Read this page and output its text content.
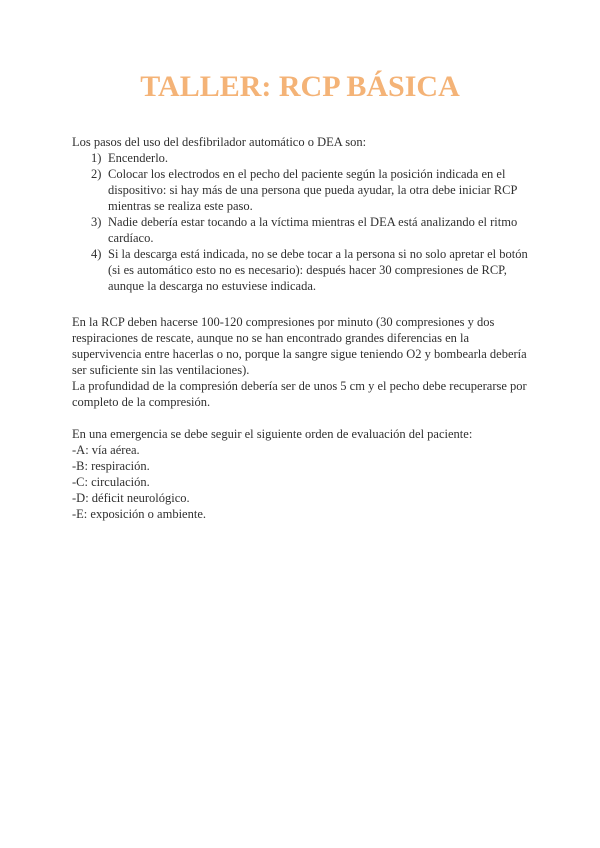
TALLER: RCP BÁSICA

Los pasos del uso del desfibrilador automático o DEA son:

1) Encenderlo.
2) Colocar los electrodos en el pecho del paciente según la posición indicada en el dispositivo: si hay más de una persona que pueda ayudar, la otra debe iniciar RCP mientras se realiza este paso.
3) Nadie debería estar tocando a la víctima mientras el DEA está analizando el ritmo cardíaco.
4) Si la descarga está indicada, no se debe tocar a la persona si no solo apretar el botón (si es automático esto no es necesario): después hacer 30 compresiones de RCP, aunque la descarga no estuviese indicada.

En la RCP deben hacerse 100-120 compresiones por minuto (30 compresiones y dos respiraciones de rescate, aunque no se han encontrado grandes diferencias en la supervivencia entre hacerlas o no, porque la sangre sigue teniendo O2 y bombearla debería ser suficiente sin las ventilaciones).

La profundidad de la compresión debería ser de unos 5 cm y el pecho debe recuperarse por completo de la compresión.

En una emergencia se debe seguir el siguiente orden de evaluación del paciente:

-A: vía aérea.

-B: respiración.

-C: circulación.

-D: déficit neurológico.

-E: exposición o ambiente.
